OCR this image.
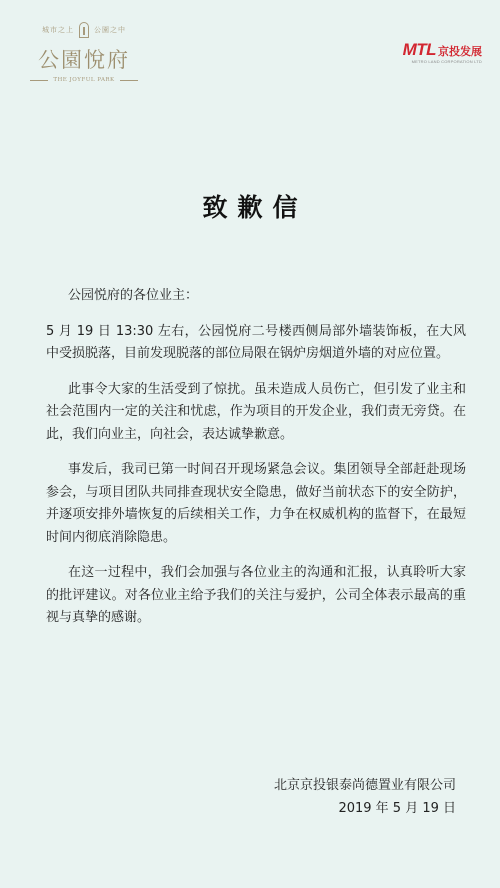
城市之上	公園之中
公園悅府
THE JOYFUL PARK
MTL 京投发展
METRO LAND CORPORATION LTD
致歉信

公园悦府的各位业主：

5 月 19 日 13:30 左右，公园悦府二号楼西侧局部外墙装饰板，在大风中受损脱落，目前发现脱落的部位局限在锅炉房烟道外墙的对应位置。

此事令大家的生活受到了惊扰。虽未造成人员伤亡，但引发了业主和社会范围内一定的关注和忧虑，作为项目的开发企业，我们责无旁贷。在此，我们向业主，向社会，表达诚挚歉意。

事发后，我司已第一时间召开现场紧急会议。集团领导全部赶赴现场参会，与项目团队共同排查现状安全隐患，做好当前状态下的安全防护，并逐项安排外墙恢复的后续相关工作，力争在权威机构的监督下，在最短时间内彻底消除隐患。

在这一过程中，我们会加强与各位业主的沟通和汇报，认真聆听大家的批评建议。对各位业主给予我们的关注与爱护，公司全体表示最高的重视与真挚的感谢。

北京京投银泰尚德置业有限公司
2019 年 5 月 19 日
